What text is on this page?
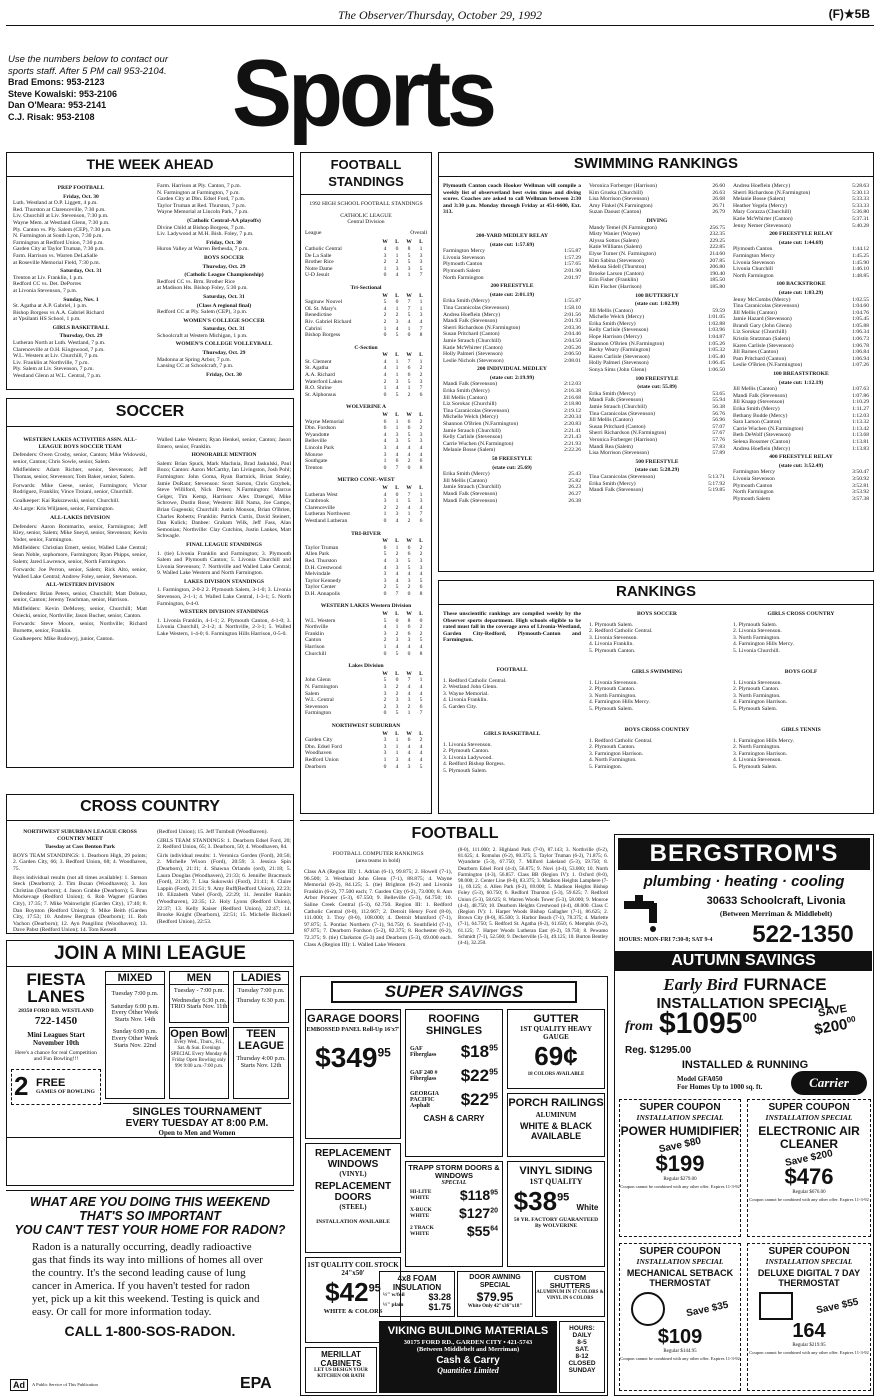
The Observer/Thursday, October 29, 1992	(F)★5B
Use the numbers below to contact our
sports staff. After 5 PM call 953-2104.
Brad Emons: 953-2123
Steve Kowalski: 953-2106
Dan O'Meara: 953-2141
C.J. Risak: 953-2108	Sports
THE WEEK AHEAD
PREP FOOTBALL
Friday, Oct. 30
Luth. Westland at O.P. Liggett, 4 p.m.
Red. Thurston at Clarenceville, 7:30 p.m.
Liv. Churchill at Liv. Stevenson, 7:30 p.m.
Wayne Mem. at Westland Glenn, 7:30 p.m.
Ply. Canton vs. Ply. Salem (CEP), 7:30 p.m.
N. Farmington at South Lyon, 7:30 p.m.
Farmington at Redford Union, 7:30 p.m.
Garden City at Taylor Truman, 7:30 p.m.
Farm. Harrison vs. Warren DeLaSalle
at Roseville Memorial Field, 7:30 p.m.
Saturday, Oct. 31
Trenton at Liv. Franklin, 1 p.m.
Redford CC vs. Det. DePorres
at Livonia Stevenson, 7 p.m.
Sunday, Nov. 1
St. Agatha at A.P. Gabriel, 1 p.m.
Bishop Borgess vs A.A. Gabriel Richard
at Ypsilanti HS School, 1 p.m.
GIRLS BASKETBALL
Thursday, Oct. 29
Lutheran North at Luth. Westland, 7 p.m.
Clarenceville at O.H. Kingswood, 7 p.m.
W.L. Western at Liv. Churchill, 7 p.m.
Liv. Franklin at Northville, 7 p.m.
Ply. Salem at Liv. Stevenson, 7 p.m.
Westland Glenn at W.L. Central, 7 p.m.
Farm. Harrison at Ply. Canton, 7 p.m.
N. Farmington at Farmington, 7 p.m.
Garden City at Dbn. Edsel Ford, 7 p.m.
Taylor Truman at Red. Thurston, 7 p.m.
Wayne Memorial at Lincoln Park, 7 p.m.
(Catholic Central-AA playoffs)
Divine Child at Bishop Borgess, 7 p.m.
Liv. Ladywood at M.H. Bish. Foley, 7 p.m.
Friday, Oct. 30
Huron Valley at Warren Bethesda, 7 p.m.
BOYS SOCCER
Thursday, Oct. 29
(Catholic League Championship)
Redford CC vs. Brm. Brother Rice
at Madison Hts. Bishop Foley, 5:30 p.m.
Saturday, Oct. 31
(Class A regional final)
Redford CC at Ply. Salem (CEP), 3 p.m.
WOMEN'S COLLEGE SOCCER
Saturday, Oct. 31
Schoolcraft at Western Michigan, 1 p.m.
WOMEN'S COLLEGE VOLLEYBALL
Thursday, Oct. 29
Madonna at Spring Arbor, 7 p.m.
Lansing CC at Schoolcraft, 7 p.m.
Friday, Oct. 30
SOCCER
WESTERN LAKES ACTIVITIES ASSN. ALL-LEAGUE BOYS SOCCER TEAM
Defenders: Owen Crosby, senior, Canton; Mike Widowski, senior, Canton; Chris Sowle, senior, Salem.
Midfielders: Adam Richter, senior, Stevenson; Jeff Thomas, senior, Stevenson; Tom Baker, senior, Salem.
Forwards: Mike Geese, senior, Farmington; Victor Rodriguez, Franklin; Vince Troiani, senior, Churchill.
Goalkeeper: Kai Rakszewski, senior, Churchill.
At-Large: Kris Wiljanen, senior, Farmington.
ALL-LAKES DIVISION
Defenders: Aaron Bommarito, senior, Farmington; Jeff Kley, senior, Salem; Mike Sneyd, senior, Stevenson; Kevin Yoder, senior, Farmington.
Midfielders: Christian Emert, senior, Walled Lake Central; Sean Noble, sophomore, Farmington; Ryan Phipps, senior, Salem; Jared Lawrence, senior, North Farmington.
Forwards: Joe Perron, senior, Salem; Rick Alto, senior, Walled Lake Central; Andrew Foley, senior, Stevenson.
ALL-WESTERN DIVISION
Defenders: Brian Peters, senior, Churchill; Matt Dobusz, senior, Canton; Jeremy Teachman, senior, Harrison.
Midfielders: Kevin DeMorey, senior, Churchill; Matt Osiecki, senior, Northville; Jason Bucher, senior, Canton.
Forwards: Steve Moore, senior, Northville; Richard Burnette, senior, Franklin.
Goalkeepers: Mike Rudowyj, junior, Canton.
Walled Lake Western; Ryan Henkel, senior, Canton; Jason Emero, senior, Franklin.
HONORABLE MENTION
Salem: Brian Spuck, Mark Machnia, Brad Jaskulski, Paul Bozo; Canton: Aaron McCarthy, Ian Livingston, Josh Pohl; Farmington: John Goma, Ryan Bartnick, Brian Staley, Jamie DuRant; Stevenson: Scott Sarson, Chris Grzybek, Steve Williford, Nick Deren; N.Farmington: Marcus Gelger, Tim Kemp, Harrison: Alex Dzengel, Mike Schrowe, Dustin Rose; Western: Bill Nama, Joe Campo, Brian Gugenski; Churchill: Justin Monson, Brian O'Brien, Charles Roberts; Franklin: Patrick Curtis, David Steinert, Dan Kulick; Danbee: Graham Wilk, Jeff Fass, Alan Semonian; Northville: Clay Cutchins, Justin Lankes, Matt Schwagle.
FINAL LEAGUE STANDINGS
1. (tie) Livonia Franklin and Farmington; 3. Plymouth Salem and Plymouth Canton; 5. Livonia Churchill and Livonia Stevenson; 7. Northville and Walled Lake Central; 9. Walled Lake Western and North Farmington.
LAKES DIVISION STANDINGS
1. Farmington, 2-0-2 2. Plymouth Salem, 3-1-0; 3. Livonia Stevenson, 2-1-1; 4. Walled Lake Central, 1-3-1; 5. North Farmington, 0-4-0.
WESTERN DIVISION STANDINGS
1. Livonia Franklin, 4-1-1; 2. Plymouth Canton, 4-1-0; 3. Livonia Churchill, 2-1-2; 4. Northville, 2-3-1; 5. Walled Lake Western, 1-4-0; 6. Farmington Hills Harrison, 0-5-0.
CROSS COUNTRY
NORTHWEST SUBURBAN LEAGUE CROSS COUNTRY MEET
Tuesday at Cass Benton Park
BOYS TEAM STANDINGS: 1. Dearborn High, 29 points; 2. Garden City, 66; 3. Redford Union, 68; 4. Woodhaven, 75.
Boys individual results (not all times available): 1. Stetson Steck (Dearborn); 2. Tim Buzan (Woodhaven); 3. Jon Christian (Dearborn); 4. Jason Grabke (Dearborn); 5. Bran Mockevage (Redford Union); 6. Rob Wagner (Garden City), 17:35; 7. Mike Wainwright (Garden City), 17:40; 8. Dan Boynton (Redford Union); 9. Mike Beith (Garden City, 17:53; 10. Andrew Bergman (Dearborn); 11. Rob Vachon (Dearborn); 12. Ayn Pangilinz (Woodhaven); 13. Dave Pabst (Redford Union); 14. Tom Kessell
(Redford Union); 15. Jeff Turnbull (Woodhaven).
GIRLS TEAM STANDINGS: 1. Dearborn Edsel Ford, 20; 2. Redford Union, 65; 3. Dearborn, 50; 4. Woodhaven, 84.
Girls individual results: 1. Veronica Gorden (Ford), 20:56; 2. Michelle Wixon (Ford), 20:59; 3. Jessica Spin (Dearborn), 21:11; 4. Shawna Orlando (ord), 21:18; 5. Laura Douglas (Woodhaven), 21:33; 6. Jennifer Bracmuck (Ford), 21:36; 7. Lisa Sukowski (Ford), 21:41; 8. Claire Lappin (Ford), 21:51; 9. Amy Buff(Redford Union), 22:23; 10. Elizabeth Vabel (Ford), 22:29; 11. Jennifer Rankin (Woodhaven), 22:35; 12. Holy Lyons (Redford Union), 22:37; 13. Kelly Kaiser (Redford Union), 22:47; 14. Brooke Knight (Dearborn), 22:51; 15. Michelle Bicknell (Redford Union), 22:53.
FOOTBALL STANDINGS
1992 HIGH SCHOOL FOOTBALL STANDINGS
CATHOLIC LEAGUE
Central Division
League	Overall
W	L	W	L
Catholic Central	4	0	8	1
De La Salle	3	1	5	3
Brother Rice	2	2	5	3
Notre Dame	1	3	3	5
U-D Jesuit	0	4	1	7
Tri-Sectional
W	L	W	L
Saginaw Nouvel	5	0	7	1
OL St. Mary's	4	1	7	1
Benedictine	2	2	5	3
Riv. Gabriel Richard	2	3	4	4
Cabrini	1	4	1	7
Bishop Borgess	0	5	0	8
C-Section
W	L	W	L
St. Clement	4	1	7	1
St. Agatha	4	1	6	2
A.A. Richard	4	1	6	2
Waterford Lakes	2	3	5	3
R.O. Shrine	1	4	1	7
St. Alphonsus	0	5	2	6
WOLVERINE A
W	L	W	L
Wayne Memorial	6	1	6	2
Dbn. Fordson	6	1	6	2
Wyandotte	4	3	5	3
Belleville	4	3	5	3
Lincoln Park	3	4	4	4
Monroe	3	4	4	4
Southgate	1	6	2	6
Trenton	0	7	0	8
METRO CONF.-WEST
W	L	W	L
Lutheran West	4	0	7	1
Cranbrook	3	1	5	3
Clarenceville	2	2	4	4
Lutheran Northwest	1	3	1	7
Westland Lutheran	0	4	2	6
TRI-RIVER
W	L	W	L
Taylor Truman	6	1	6	2
Allen Park	5	2	6	2
Red. Thurston	4	3	5	3
D.H. Crestwood	4	3	5	3
Melvindale	3	4	4	4
Taylor Kennedy	3	4	3	5
Taylor Center	2	5	2	6
D.H. Annapolis	0	7	0	8
WESTERN LAKES Western Division
W	L	W	L
W.L. Western	5	0	8	0
Northville	4	1	6	2
Franklin	3	2	6	2
Canton	2	3	3	5
Harrison	1	4	4	4
Churchill	0	5	0	8
Lakes Division
W	L	W	L
John Glenn	5	0	7	1
N. Farmington	3	2	4	4
Salem	3	2	4	4
W.L. Central	2	3	3	5
Stevenson	2	3	2	6
Farmington	0	5	1	7
NORTHWEST SUBURBAN
W	L	W	L
Garden City	3	1	6	2
Dbn. Edsel Ford	3	1	4	4
Woodhaven	3	1	4	4
Redford Union	1	3	4	4
Dearborn	0	4	3	5
SWIMMING RANKINGS
Plymouth Canton coach Hooker Wellman will compile a weekly list of observerland best swim times and diving scores. Coaches are asked to call Wellman between 2:30 and 3:30 p.m. Monday through Friday at 451-6600, Ext. 313.
200-YARD MEDLEY RELAY
(state cut: 1:57.69)
Farmington Mercy	1:55.87
Livonia Stevenson	1:57.29
Plymouth Canton	1:57.65
Plymouth Salem	2:01.90
North Farmington	2:01.97
200 FREESTYLE
(state cut: 2:01.19)
Erika Smith (Mercy)	1:55.87
Tina Caranicolas (Stevenson)	1:58.10
Andrea Hoeflein (Mercy)	2:01.56
Mandi Falk (Stevenson)	2:01.93
Sherri Richardson (N.Farmington)	2:03.36
Susan Pritchard (Canton)	2:04.46
Jamie Strauch (Churchill)	2:04.50
Katie McWhirter (Canton)	2:05.26
Holly Palmeri (Stevenson)	2:06.50
Leslie Nichols (Stevenson)	2:08.01
200 INDIVIDUAL MEDLEY
(state cut: 2:19.99)
Mandi Falk (Stevenson)	2:12.03
Erika Smith (Mercy)	2:16.38
Jill Mellis (Canton)	2:16.68
Liz Sorokac (Churchill)	2:18.80
Tina Caranicolas (Stevenson)	2:19.12
Michelle Welch (Mercy)	2:20.34
Shannon O'Brien (N.Farmington)	2:20.83
Jamie Strauch (Churchill)	2:21.41
Kelly Carlisle (Stevenson)	2:21.43
Carrie Wuchen (N.Farmington)	2:21.93
Melanie Bosse (Salem)	2:22.26
50 FREESTYLE
(state cut: 25.69)
Erika Smith (Mercy)	25.43
Jill Mellis (Canton)	25.82
Jamie Strauch (Churchill)	26.23
Mandi Falk (Stevenson)	26.27
Mandi Falk (Stevenson)	26.38
Veronica Forberger (Harrison)	26.60
Kim Gruska (Churchill)	26.63
Lisa Morrison (Stevenson)	26.68
Amy Finkel (N.Farmington)	26.71
Suzan Daoust (Canton)	26.79
DIVING
Mandy Temel (N.Farmington)	256.75
Misty Wanier (Wayne)	232.35
Alyssa Sottos (Salem)	229.25
Katie Williams (Salem)	222.85
Elyse Turner (N. Farmington)	214.60
Kim Sabina (Stevenson)	207.85
Melissa Sidell (Thurston)	206.80
Brooke Larson (Canton)	190.40
Erin Fisher (Franklin)	185.50
Kim Fischer (Harrison)	185.80
100 BUTTERFLY
(state cut: 1:02.99)
Jill Mellis (Canton)	59.59
Michelle Welch (Mercy)	1:01.05
Erika Smith (Mercy)	1:02.88
Kelly Carlisle (Stevenson)	1:03.96
Hope Harrison (Mercy)	1:04.87
Shannon O'Brien (N.Farmington)	1:05.26
Becky Weary (Farmington)	1:05.32
Karen Carlisle (Stevenson)	1:05.40
Holly Palmeri (Stevenson)	1:06.45
Sonya Sims (John Glenn)	1:06.50
100 FREESTYLE
(state cut: 55.89)
Erika Smith (Mercy)	53.65
Mandi Falk (Stevenson)	55.94
Jamie Strauch (Churchill)	56.38
Tina Caranicolas (Stevenson)	56.76
Jill Mellis (Canton)	56.96
Susan Pritchard (Canton)	57.07
Sherri Richardson (N.Farmington)	57.67
Veronica Forberger (Harrison)	57.76
Mandi Rea (Salem)	57.83
Lisa Morrison (Stevenson)	57.89
500 FREESTYLE
(state cut: 5:28.29)
Tina Caranicolas (Stevenson)	5:13.71
Erika Smith (Mercy)	5:17.92
Mandi Falk (Stevenson)	5:19.85
Andrea Hoeflein (Mercy)	5:28.63
Sherri Richardson (N.Farmington)	5:30.13
Melanie Bosse (Salem)	5:33.33
Heather Yegela (Mercy)	5:33.33
Mary Corazza (Churchill)	5:36.80
Katie McWhirter (Canton)	5:37.31
Jenny Nemer (Stevenson)	5:40.28
200 FREESTYLE RELAY
(state cut: 1:44.69)
Plymouth Canton	1:44.12
Farmington Mercy	1:45.25
Livonia Stevenson	1:45.90
Livonia Churchill	1:46.10
North Farmington	1:48.85
100 BACKSTROKE
(state cut: 1:03.29)
Jenny McCombs (Mercy)	1:02.55
Tina Caranicolas (Stevenson)	1:04.60
Jill Mellis (Canton)	1:04.76
Jamie Hazard (Stevenson)	1:05.45
Brandi Gary (John Glenn)	1:05.88
Liz Sorokac (Churchill)	1:06.34
Kristin Stutzman (Salem)	1:06.73
Karen Carlisle (Stevenson)	1:06.78
Jill Barnes (Canton)	1:06.84
Pam Pritchard (Canton)	1:06.94
Leslie O'Brien (N.Farmington)	1:07.26
100 BREASTSTROKE
(state cut: 1:12.19)
Jill Mellis (Canton)	1:07.63
Mandi Falk (Stevenson)	1:07.86
Jill Knapp (Stevenson)	1:10.29
Erika Smith (Mercy)	1:11.27
Bethany Budde (Mercy)	1:12.03
Sara Larson (Canton)	1:13.32
Carrie Wuchen (N.Farmington)	1:13.42
Beth DeWolf (Stevenson)	1:13.68
Selena Bossmer (Canton)	1:13.81
Andrea Hoeflein (Mercy)	1:13.83
400 FREESTYLE RELAY
(state cut: 3:52.49)
Farmington Mercy	3:50.47
Livonia Stevenson	3:50.92
Plymouth Canton	3:52.81
North Farmington	3:53.92
Plymouth Salem	3:57.38
RANKINGS
These unscientific rankings are compiled weekly by the Observer sports department. High schools eligible to be rated must fall in the coverage area of Livonia-Westland, Garden City-Redford, Plymouth-Canton and Farmington.
FOOTBALL
1. Redford Catholic Central.
2. Westland John Glenn.
3. Wayne Memorial.
4. Livonia Franklin.
5. Garden City.
GIRLS BASKETBALL
1. Livonia Stevenson.
2. Plymouth Canton.
3. Livonia Ladywood.
4. Redford Bishop Borgess.
5. Plymouth Salem.
BOYS SOCCER
1. Plymouth Salem.
2. Redford Catholic Central.
3. Livonia Stevenson.
4. Livonia Franklin.
5. Plymouth Canton.
GIRLS SWIMMING
1. Livonia Stevenson.
2. Plymouth Canton.
3. North Farmington.
4. Farmington Hills Mercy.
5. Plymouth Salem.
BOYS CROSS COUNTRY
1. Redford Catholic Central.
2. Plymouth Canton.
3. Farmington Harrison.
4. North Farmington.
5. Farmington.
GIRLS CROSS COUNTRY
1. Plymouth Salem.
2. Livonia Stevenson.
3. North Farmington.
4. Farmington Hills Mercy.
5. Livonia Churchill.
BOYS GOLF
1. Livonia Stevenson.
2. Plymouth Canton.
3. North Farmington.
4. Farmington Harrison.
5. Plymouth Salem.
GIRLS TENNIS
1. Farmington Hills Mercy.
2. North Farmington.
3. Farmington Harrison.
4. Livonia Stevenson.
5. Plymouth Salem.
FOOTBALL
FOOTBALL COMPUTER RANKINGS
(area teams in bold)
Class AA (Region III): 1. Adrian (6-1), 99.875; 2. Howell (7-1), 96.500; 3. Westland John Glenn (7-1), 88.875; 4. Wayne Memorial (6-2), 84.125; 5. (tie) Brighton (6-2) and Livonia Franklin (6-2), 77.500 each; 7. Garden City (6-2), 73.000; 8. Ann Arbor Pioneer (5-3), 67.550; 9. Belleville (5-3), 64.750; 10. Saline Creek Central (5-3), 62.750. Region III: 1. Redford Catholic Central (8-0), 112.667; 2. Detroit Henry Ford (8-0), 111.000; 3. Troy (8-0), 108.000; 4. Detroit Mumford (7-1), 97.875; 5. Pontiac Northern (7-1), 94.750; 6. Southfield (7-1), 87.875; 7. Dearborn Fordson (5-2), 82.375; 8. Rochester (6-2), 72.375; 9. (tie) Clarkston (5-3) and Dearborn (5-3), 69.000 each. Class A (Region III): 1. Walled Lake Western
(8-0), 111.000; 2. Highland Park (7-0), 87.143; 3. Northville (6-2), 81.625; 4. Romulus (6-2), 80.375; 5. Taylor Truman (6-2), 71.875; 6. Wyandotte (5-3), 67.750; 7. Milford Lakeland (5-3), 59.750; 8. Dearborn Edsel Ford (4-4), 56.875; 9. Novi (4-4), 53.000; 10. North Farmington (4-3), 56.857. Class BB (Region IV): 1. Oxford (8-0), 98.000; 2. Center Line (8-0), 83.375; 3. Madison Heights Lamphere (7-1), 69.125; 4. Allen Park (6-2), 69.000; 5. Madison Heights Bishop Foley (5-3), 60.750; 6. Redford Thurston (5-3), 59.625; 7. Redford Union (5-3), 58.625; 8. Warren Woods Tower (5-3), 58.000; 9. Monroe (4-4), 48.750; 10. Dearborn Heights Crestwood (4-4), 48.000. Class C (Region IV): 1. Harper Woods Bishop Gallagher (7-1), 86.625; 2. Brown City (8-0), 85.500; 3. Harbor Beach (7-1), 78.375; 4. Marlette (7-1), 64.750; 5. Redford St. Agatha (6-2), 61.650; 6. Memphis (6-2), 61.125; 7. Harper Woods Lutheran East (6-2), 59.750; 8. Pewamo Schmidt (7-1), 52.500; 9. Deckerville (5-3), 49.125; 10. Burton Bentley (4-4), 32.250.
JOIN A MINI LEAGUE
FIESTA LANES
28350 FORD RD. WESTLAND
722-1450
Mini Leagues Start November 10th
Here's a chance for real Competition and Fun Bowling!!!
2 FREE
GAMES OF BOWLING
MIXED
Tuesday 7:00 p.m.
Saturday 6:00 p.m. Every Other Week Starts Nov. 14th
Sunday 6:00 p.m. Every Other Week Starts Nov. 22nd
MEN
Tuesday - 7:00 p.m.
Wednesday 6:30 p.m. TRIO Starts Nov. 11th
LADIES
Tuesday 7:00 p.m.
Thursday 6:30 p.m.
Open Bowl
Every Wed., Thurs., Fri., Sat. & Sun. Evenings SPECIAL Every Monday & Friday Open Bowling only 99¢ 9:00 a.m.-7:00 p.m.
TEEN LEAGUE
Thursday 4:00 p.m. Starts Nov. 12th
SINGLES TOURNAMENT
EVERY TUESDAY AT 8:00 P.M.
Open to Men and Women
WHAT ARE YOU DOING THIS WEEKEND
THAT'S SO IMPORTANT
YOU CAN'T TEST YOUR HOME FOR RADON?
Radon is a naturally occurring, deadly radioactive gas that finds its way into millions of homes all over the country. It's the second leading cause of lung cancer in America. If you haven't tested for radon yet, pick up a kit this weekend. Testing is quick and easy. Or call for more information today.
CALL 1-800-SOS-RADON.
Ad	A Public Service of This Publication	EPA
BERGSTROM'S
plumbing · heating · cooling
30633 Schoolcraft, Livonia
(Between Merriman & Middlebelt)
HOURS: MON-FRI 7:30-8; SAT 9-4	522-1350
AUTUMN SAVINGS
Early Bird FURNACE
INSTALLATION SPECIAL
from $1095$^{00}$	SAVE
$\$200^{00}$
Reg. $1295.00
INSTALLED & RUNNING
Model GFA050
For Homes Up to 1000 sq. ft.	Carrier
SUPER COUPON
INSTALLATION SPECIAL
POWER HUMIDIFIER
Save $80
$199
Regular $279.00
Coupon cannot be combined with any other offer. Expires 11-3-92
SUPER COUPON
INSTALLATION SPECIAL
ELECTRONIC AIR CLEANER
Save $200
$476
Regular $676.00
Coupon cannot be combined with any other offer. Expires 11-3-92
SUPER COUPON
INSTALLATION SPECIAL
MECHANICAL SETBACK THERMOSTAT
Save $35
$109
Regular $144.95
Coupon cannot be combined with any other offer. Expires 11-3-92
SUPER COUPON
INSTALLATION SPECIAL
DELUXE DIGITAL 7 DAY THERMOSTAT
Save $55
164
Regular $219.95
Coupon cannot be combined with any other offer. Expires 11-3-92
SUPER SAVINGS
GARAGE DOORS
EMBOSSED PANEL Roll-Up 16'x7'
$\$349^{95}$
ROOFING SHINGLES
GAF Fiberglass	$\$18^{95}$
GAF 240 # Fiberglass	$\$22^{95}$
GEORGIA PACIFIC Asphalt	$\$22^{95}$
CASH & CARRY
GUTTER
1ST QUALITY HEAVY GAUGE
69¢
18 COLORS AVAILABLE
REPLACEMENT WINDOWS
(VINYL)
REPLACEMENT DOORS
(STEEL)
INSTALLATION AVAILABLE
PORCH RAILINGS
ALUMINUM
WHITE & BLACK AVAILABLE
TRAPP STORM DOORS & WINDOWS
SPECIAL
HI-LITE WHITE	$\$118^{95}$
X-BUCK WHITE	$\$127^{20}$
2 TRACK WHITE	$\$55^{64}$
1ST QUALITY COIL STOCK
24"x50'
$\$42^{95}$
WHITE & COLORS
VINYL SIDING
1ST QUALITY
$\$38^{95}$ White
50 YR. FACTORY GUARANTEED
By WOLVERINE
MERILLAT CABINETS
LET US DESIGN YOUR KITCHEN OR BATH
4x8 FOAM INSULATION
½" w/foil	$3.28
½" plain	$1.75
DOOR AWNING SPECIAL
$79.95
White Only 42"x36"x18"
CUSTOM SHUTTERS
ALUMINUM IN 17 COLORS & VINYL IN 6 COLORS
VIKING BUILDING MATERIALS
30175 FORD RD., GARDEN CITY • 421-5743
(Between Middlebelt and Merriman)
Cash & Carry
Quantities Limited
HOURS:
DAILY
8-5
SAT.
8-12
CLOSED
SUNDAY
